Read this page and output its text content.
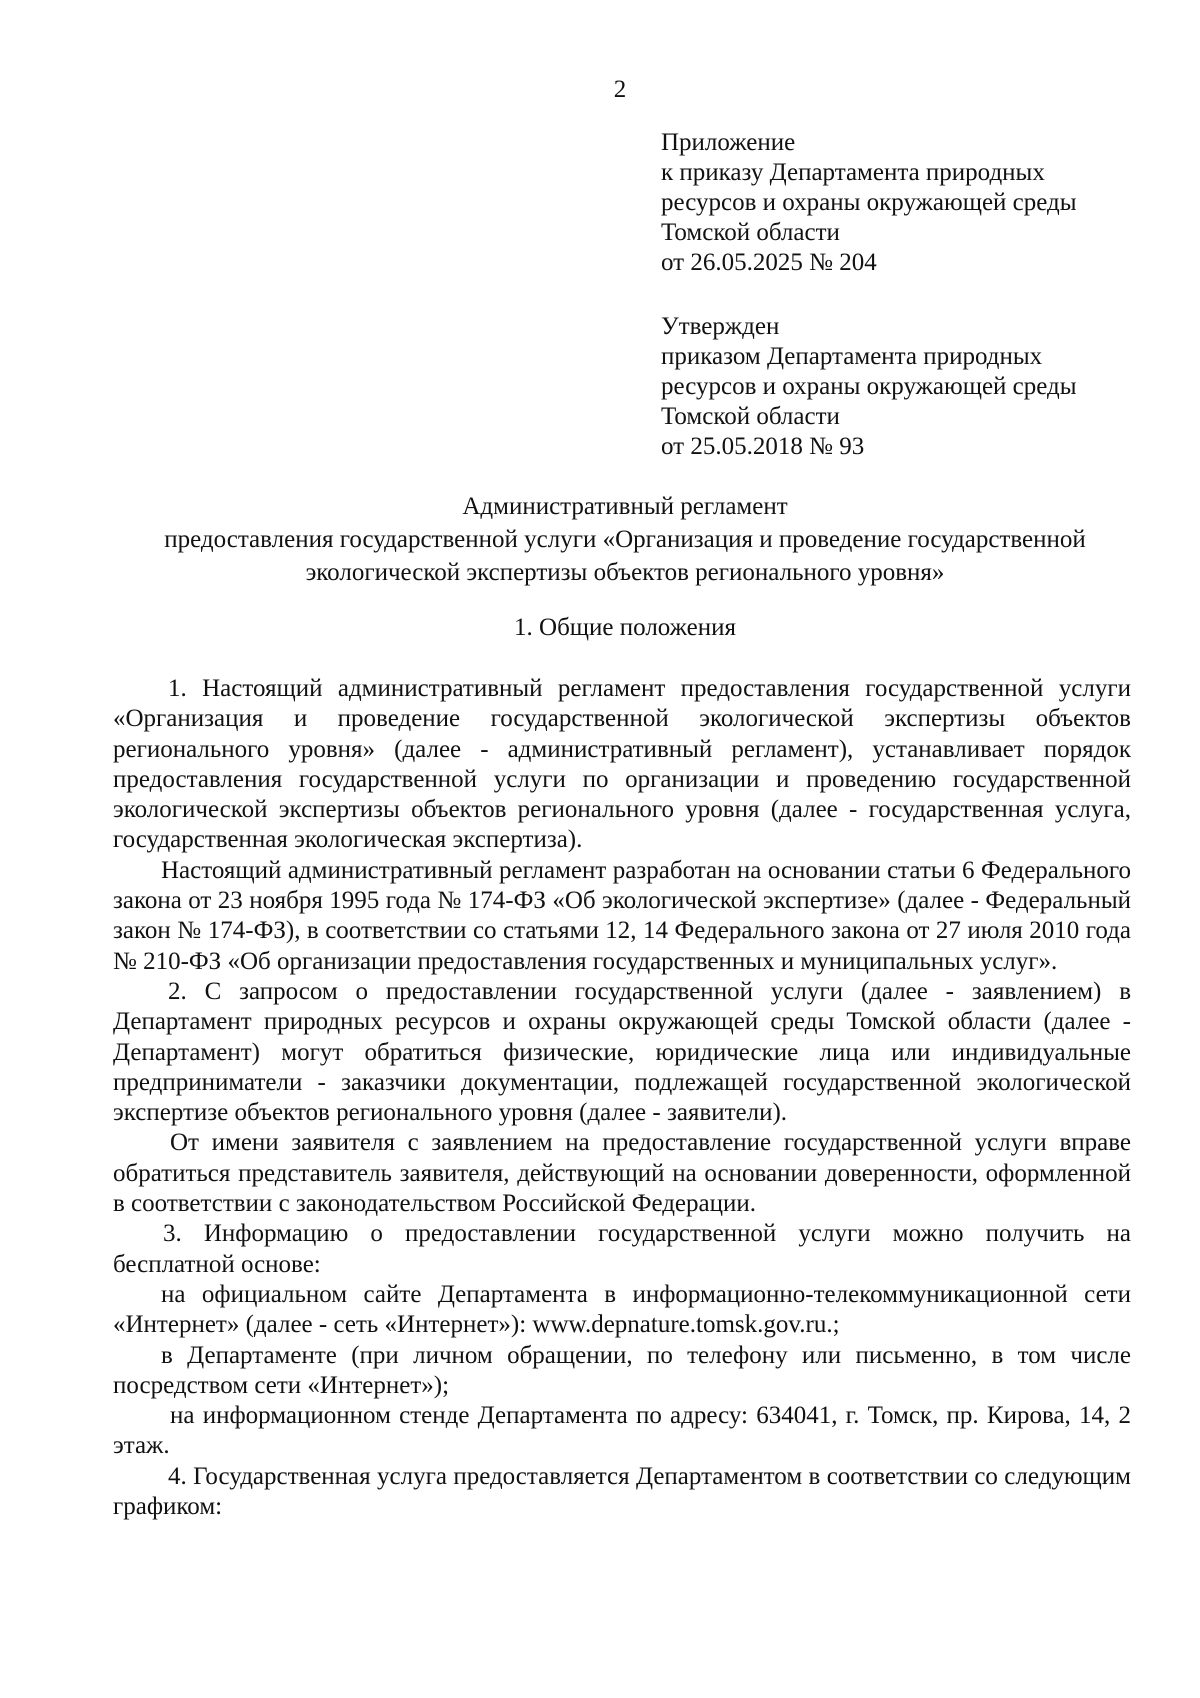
2
Приложение
к приказу Департамента природных
ресурсов и охраны окружающей среды
Томской области
от 26.05.2025 № 204
Утвержден
приказом Департамента природных
ресурсов и охраны окружающей среды
Томской области
от 25.05.2018 № 93
Административный регламент
предоставления государственной услуги «Организация и проведение государственной
экологической экспертизы объектов регионального уровня»
1. Общие положения

1. Настоящий административный регламент предоставления государственной услуги «Организация и проведение государственной экологической экспертизы объектов регионального уровня» (далее - административный регламент), устанавливает порядок предоставления государственной услуги по организации и проведению государственной экологической экспертизы объектов регионального уровня (далее - государственная услуга, государственная экологическая экспертиза).

Настоящий административный регламент разработан на основании статьи 6 Федерального закона от 23 ноября 1995 года № 174-ФЗ «Об экологической экспертизе» (далее - Федеральный закон № 174-ФЗ), в соответствии со статьями 12, 14 Федерального закона от 27 июля 2010 года № 210-ФЗ «Об организации предоставления государственных и муниципальных услуг».

2. С запросом о предоставлении государственной услуги (далее - заявлением) в Департамент природных ресурсов и охраны окружающей среды Томской области (далее - Департамент) могут обратиться физические, юридические лица или индивидуальные предприниматели - заказчики документации, подлежащей государственной экологической экспертизе объектов регионального уровня (далее - заявители).

От имени заявителя с заявлением на предоставление государственной услуги вправе обратиться представитель заявителя, действующий на основании доверенности, оформленной в соответствии с законодательством Российской Федерации.

3. Информацию о предоставлении государственной услуги можно получить на бесплатной основе:

на официальном сайте Департамента в информационно-телекоммуникационной сети «Интернет» (далее - сеть «Интернет»): www.depnature.tomsk.gov.ru.;

в Департаменте (при личном обращении, по телефону или письменно, в том числе посредством сети «Интернет»);

на информационном стенде Департамента по адресу: 634041, г. Томск, пр. Кирова, 14, 2 этаж.

4. Государственная услуга предоставляется Департаментом в соответствии со следующим графиком:
